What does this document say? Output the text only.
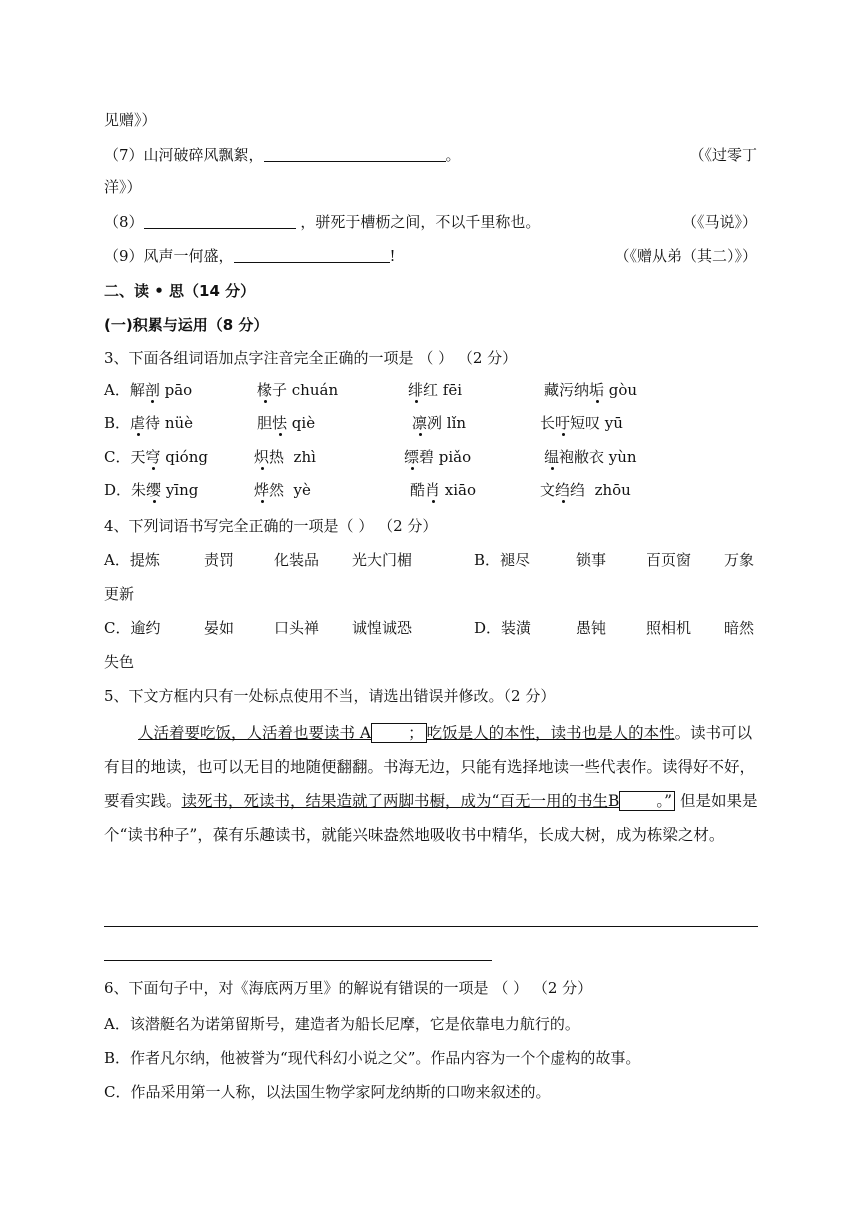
见赠》）
（7）山河破碎风飘絮，	。	（《过零丁
洋》）
（8）	，骈死于槽枥之间，不以千里称也。	（《马说》）
（9）风声一何盛，	!	（《赠从弟（其二）》）
二、读 • 思（14 分）
(一)积累与运用（8 分）
3、下面各组词语加点字注音完全正确的一项是 （ ） （2 分）
A．解剖 pāo	椽子 chuán	绯红 fēi	藏污纳垢 gòu
B．虐待 nüè	胆怯 qiè	凛冽 lǐn	长吁短叹 yū
C．天穹 qióng	炽热  zhì	缥碧 piǎo	缊袍敝衣 yùn
D．朱缨 yīng	烨然  yè	酷肖 xiāo	文绉绉  zhōu
4、下列词语书写完全正确的一项是（ ） （2 分）
A．提炼	责罚	化装品 光大门楣	B．褪尽	锁事	百页窗 万象
更新
C．逾约	晏如	口头禅 诚惶诚恐	D．装潢	愚钝	照相机 暗然
失色
5、下文方框内只有一处标点使用不当，请选出错误并修改。（2 分）
人活着要吃饭，人活着也要读书 A ； 吃饭是人的本性，读书也是人的本性。读书可以有目的地读，也可以无目的地随便翻翻。书海无边，只能有选择地读一些代表作。读得好不好，要看实践。读死书，死读书，结果造就了两脚书橱，成为“百无一用的书生B 。” 但是如果是个“读书种子”，葆有乐趣读书，就能兴味盎然地吸收书中精华，长成大树，成为栋梁之材。
6、下面句子中，对《海底两万里》的解说有错误的一项是 （ ） （2 分）
A．该潜艇名为诺第留斯号，建造者为船长尼摩，它是依靠电力航行的。
B．作者凡尔纳，他被誉为“现代科幻小说之父”。作品内容为一个个虚构的故事。
C．作品采用第一人称，以法国生物学家阿龙纳斯的口吻来叙述的。
